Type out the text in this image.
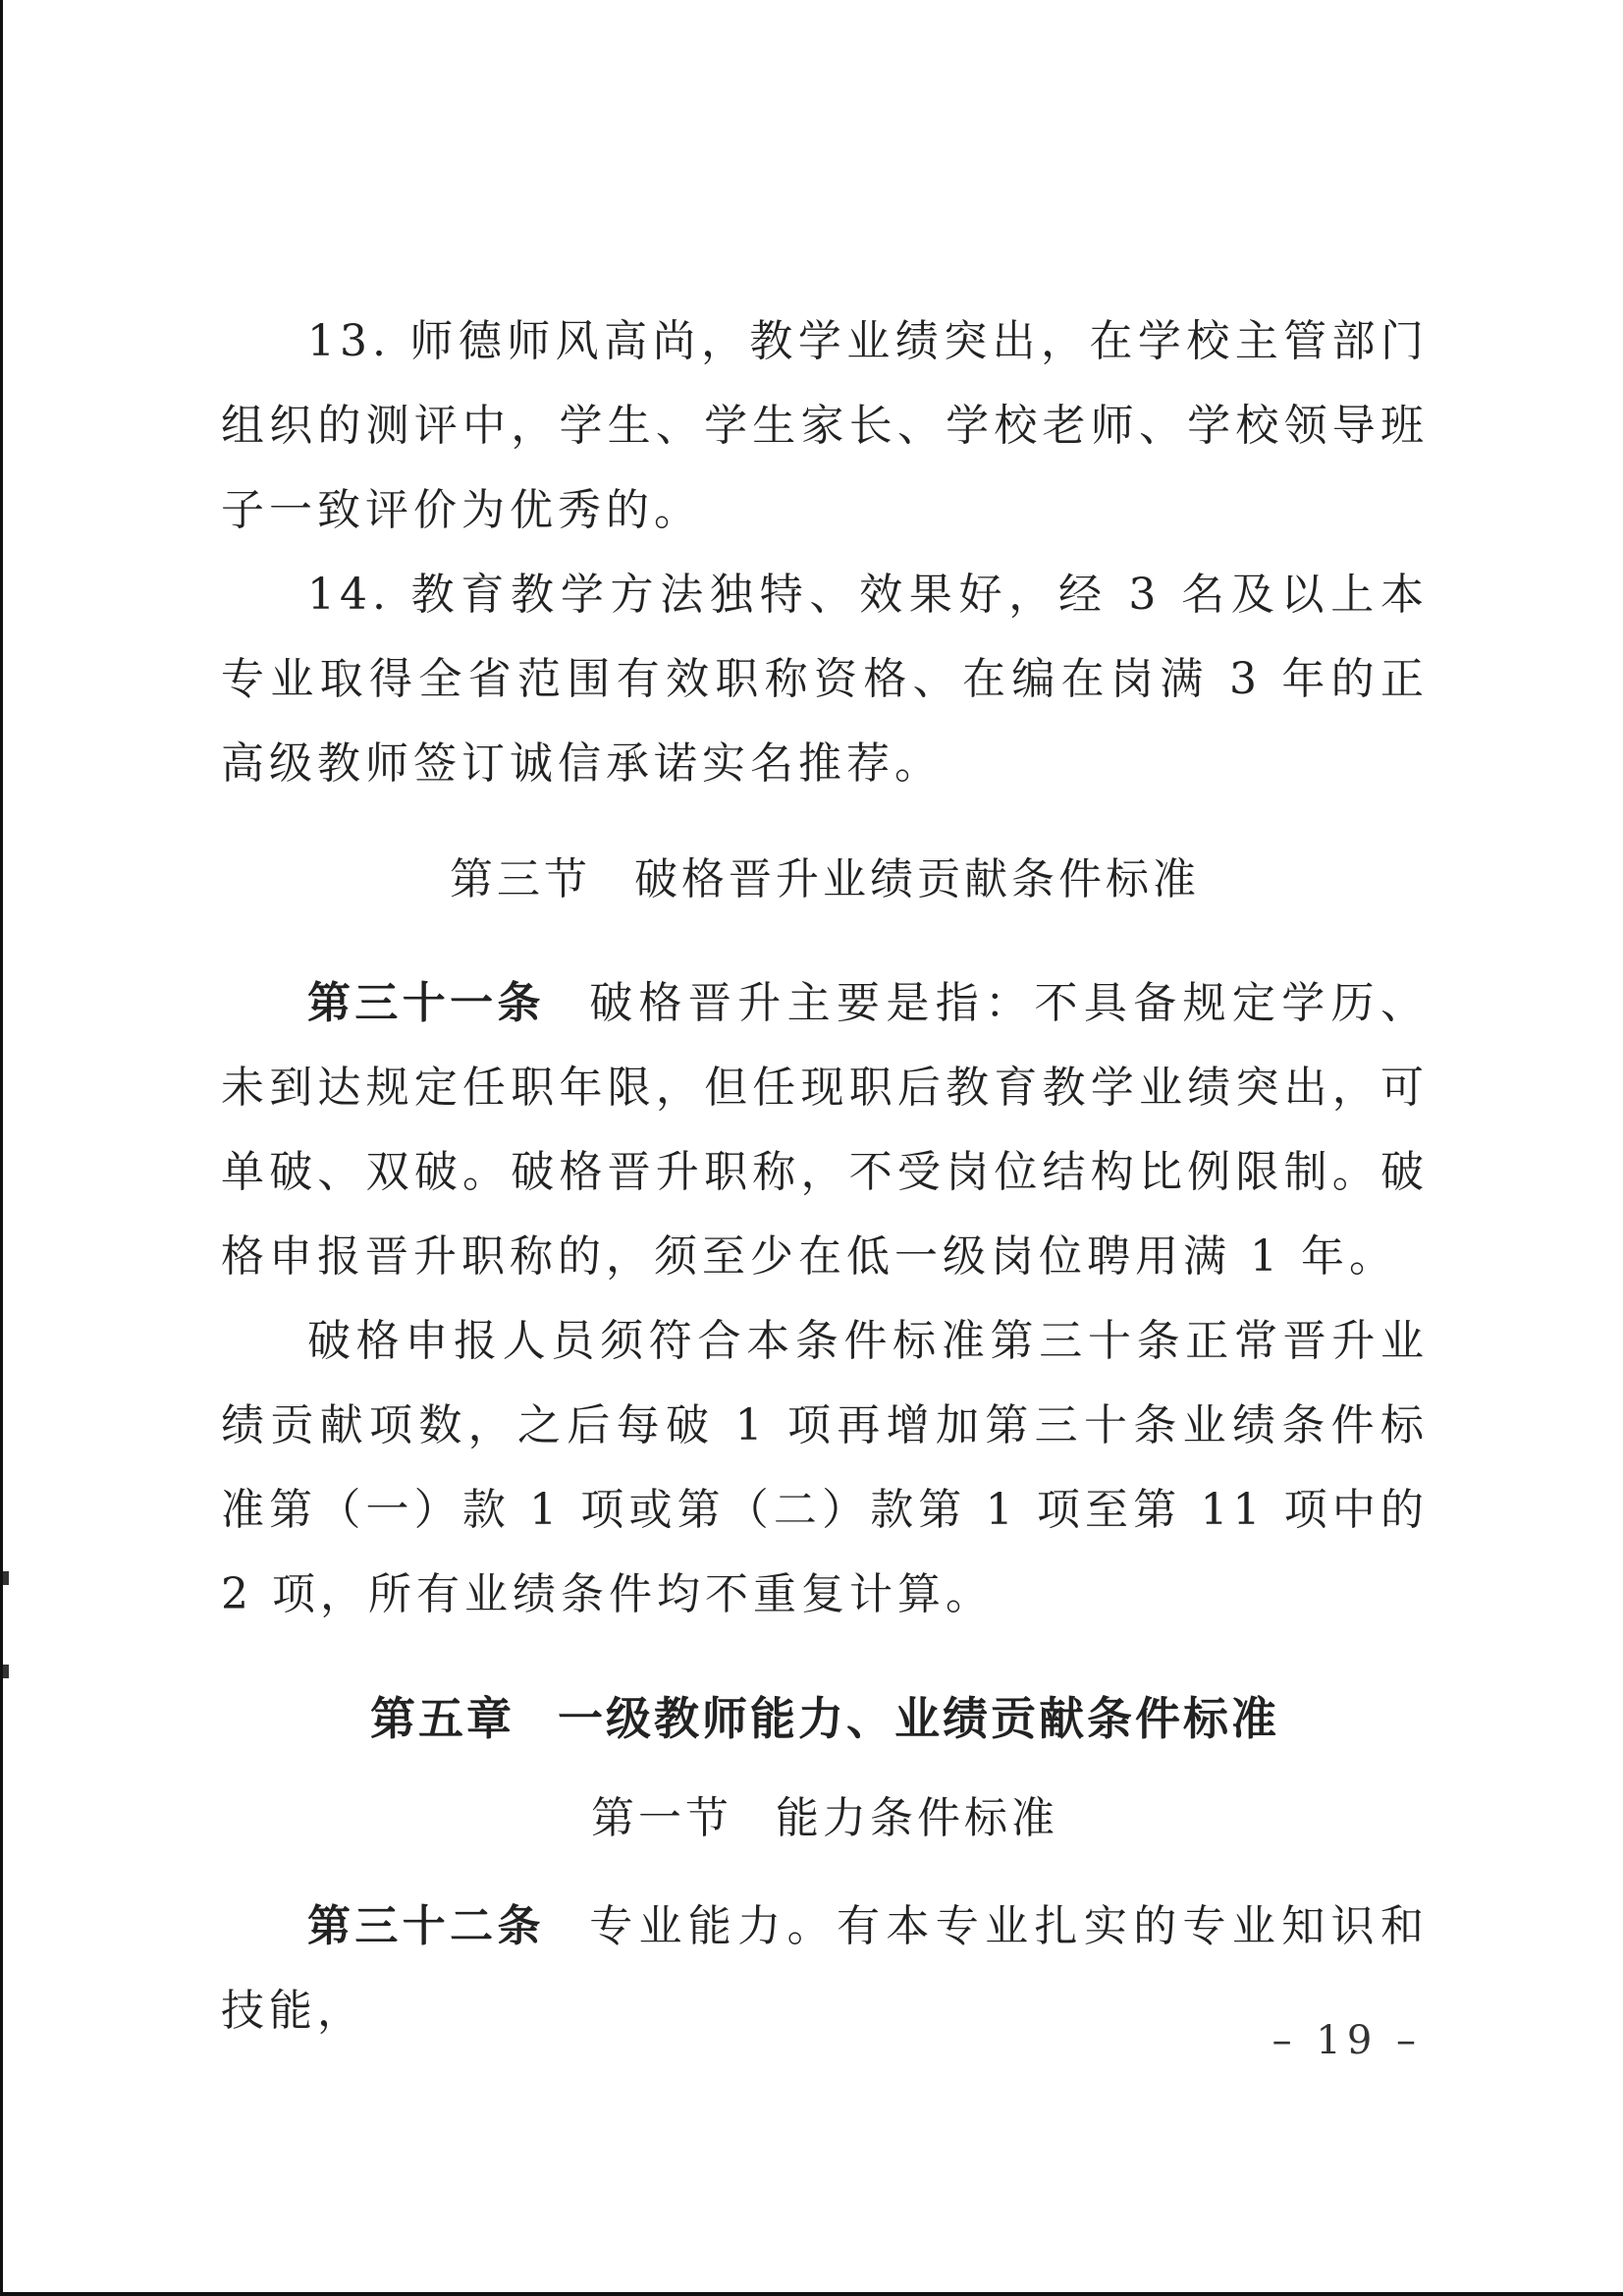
13. 师德师风高尚，教学业绩突出，在学校主管部门组织的测评中，学生、学生家长、学校老师、学校领导班子一致评价为优秀的。

14. 教育教学方法独特、效果好，经 3 名及以上本专业取得全省范围有效职称资格、在编在岗满 3 年的正高级教师签订诚信承诺实名推荐。

第三节 破格晋升业绩贡献条件标准

第三十一条 破格晋升主要是指：不具备规定学历、未到达规定任职年限，但任现职后教育教学业绩突出，可单破、双破。破格晋升职称，不受岗位结构比例限制。破格申报晋升职称的，须至少在低一级岗位聘用满 1 年。

破格申报人员须符合本条件标准第三十条正常晋升业绩贡献项数，之后每破 1 项再增加第三十条业绩条件标准第（一）款 1 项或第（二）款第 1 项至第 11 项中的 2 项，所有业绩条件均不重复计算。

第五章 一级教师能力、业绩贡献条件标准
第一节 能力条件标准

第三十二条 专业能力。有本专业扎实的专业知识和技能，

– 19 –
